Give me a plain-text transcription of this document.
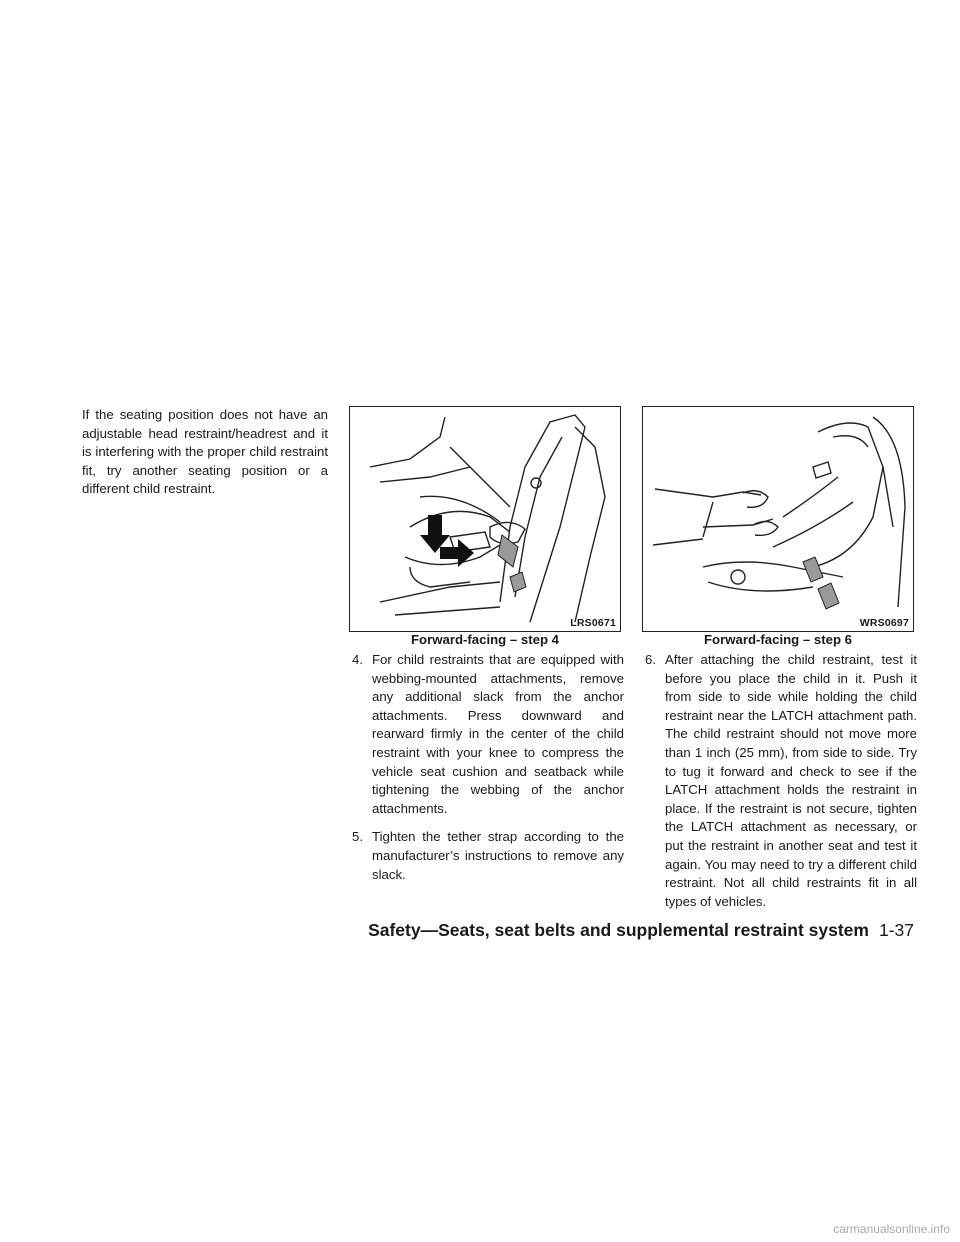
If the seating position does not have an adjustable head restraint/headrest and it is interfering with the proper child restraint fit, try another seating position or a different child restraint.
LRS0671
Forward-facing – step 4
WRS0697
Forward-facing – step 6
4. For child restraints that are equipped with webbing-mounted attachments, remove any additional slack from the anchor attachments. Press downward and rearward firmly in the center of the child restraint with your knee to compress the vehicle seat cushion and seatback while tightening the webbing of the anchor attachments.
5. Tighten the tether strap according to the manufacturer’s instructions to remove any slack.
6. After attaching the child restraint, test it before you place the child in it. Push it from side to side while holding the child restraint near the LATCH attachment path. The child restraint should not move more than 1 inch (25 mm), from side to side. Try to tug it forward and check to see if the LATCH attachment holds the restraint in place. If the restraint is not secure, tighten the LATCH attachment as necessary, or put the restraint in another seat and test it again. You may need to try a different child restraint. Not all child restraints fit in all types of vehicles.
Safety—Seats, seat belts and supplemental restraint system 1-37
carmanualsonline.info
